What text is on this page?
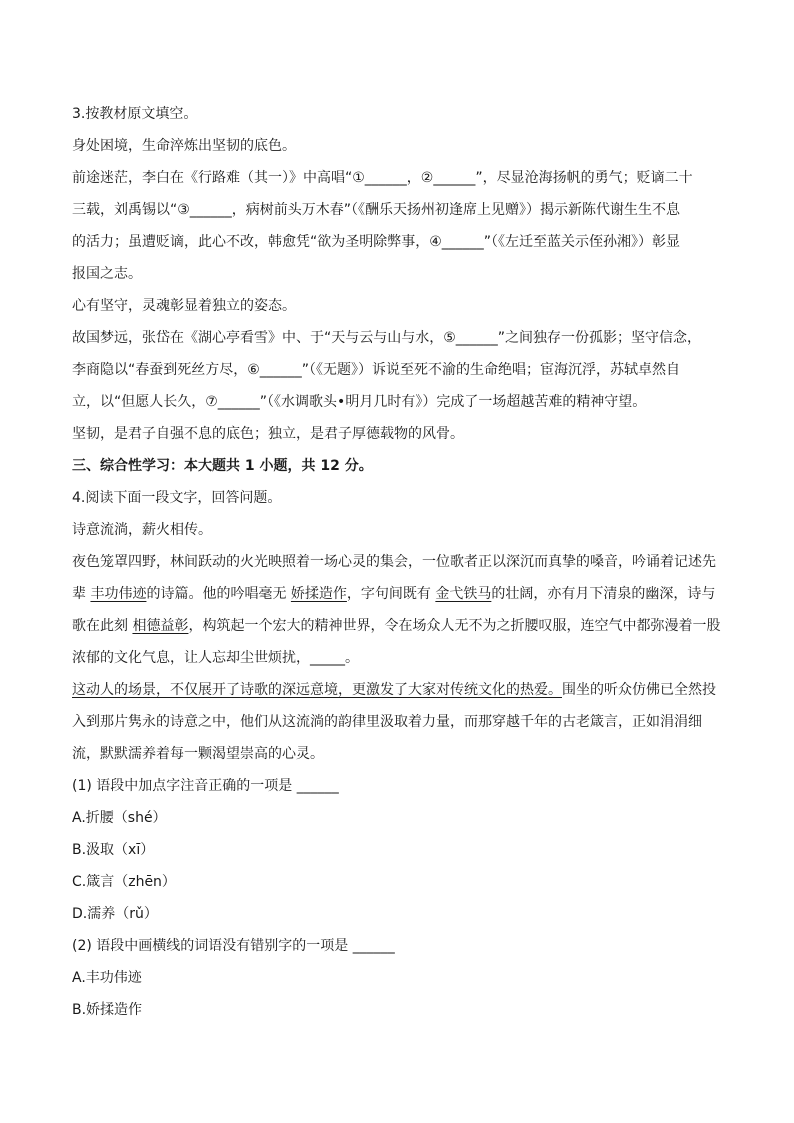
3.按教材原文填空。
身处困境，生命淬炼出坚韧的底色。
前途迷茫，李白在《行路难（其一）》中高唱“①______，②______”，尽显沧海扬帆的勇气；贬谪二十
三载，刘禹锡以“③______，病树前头万木春”（《酬乐天扬州初逢席上见赠》）揭示新陈代谢生生不息
的活力；虽遭贬谪，此心不改，韩愈凭“欲为圣明除弊事，④______”（《左迁至蓝关示侄孙湘》）彰显
报国之志。
心有坚守，灵魂彰显着独立的姿态。
故国梦远，张岱在《湖心亭看雪》中、于“天与云与山与水，⑤______”之间独存一份孤影；坚守信念，
李商隐以“春蚕到死丝方尽，⑥______”（《无题》）诉说至死不渝的生命绝唱；宦海沉浮，苏轼卓然自
立，以“但愿人长久，⑦______”（《水调歌头•明月几时有》）完成了一场超越苦难的精神守望。
坚韧，是君子自强不息的底色；独立，是君子厚德载物的风骨。
三、综合性学习：本大题共 1 小题，共 12 分。
4.阅读下面一段文字，回答问题。
诗意流淌，薪火相传。
夜色笼罩四野，林间跃动的火光映照着一场心灵的集会，一位歌者正以深沉而真挚的嗓音，吟诵着记述先
辈 丰功伟迹的诗篇。他的吟唱毫无 娇揉造作，字句间既有 金弋铁马的壮阔，亦有月下清泉的幽深，诗与
歌在此刻 相德益彰，构筑起一个宏大的精神世界，令在场众人无不为之折腰叹服，连空气中都弥漫着一股
浓郁的文化气息，让人忘却尘世烦扰，_____。
这动人的场景，不仅展开了诗歌的深远意境，更激发了大家对传统文化的热爱。围坐的听众仿佛已全然投
入到那片隽永的诗意之中，他们从这流淌的韵律里汲取着力量，而那穿越千年的古老箴言，正如涓涓细
流，默默濡养着每一颗渴望崇高的心灵。
(1) 语段中加点字注音正确的一项是 ______
A.折腰（shé）
B.汲取（xī）
C.箴言（zhēn）
D.濡养（rǔ）
(2) 语段中画横线的词语没有错别字的一项是 ______
A.丰功伟迹
B.娇揉造作
